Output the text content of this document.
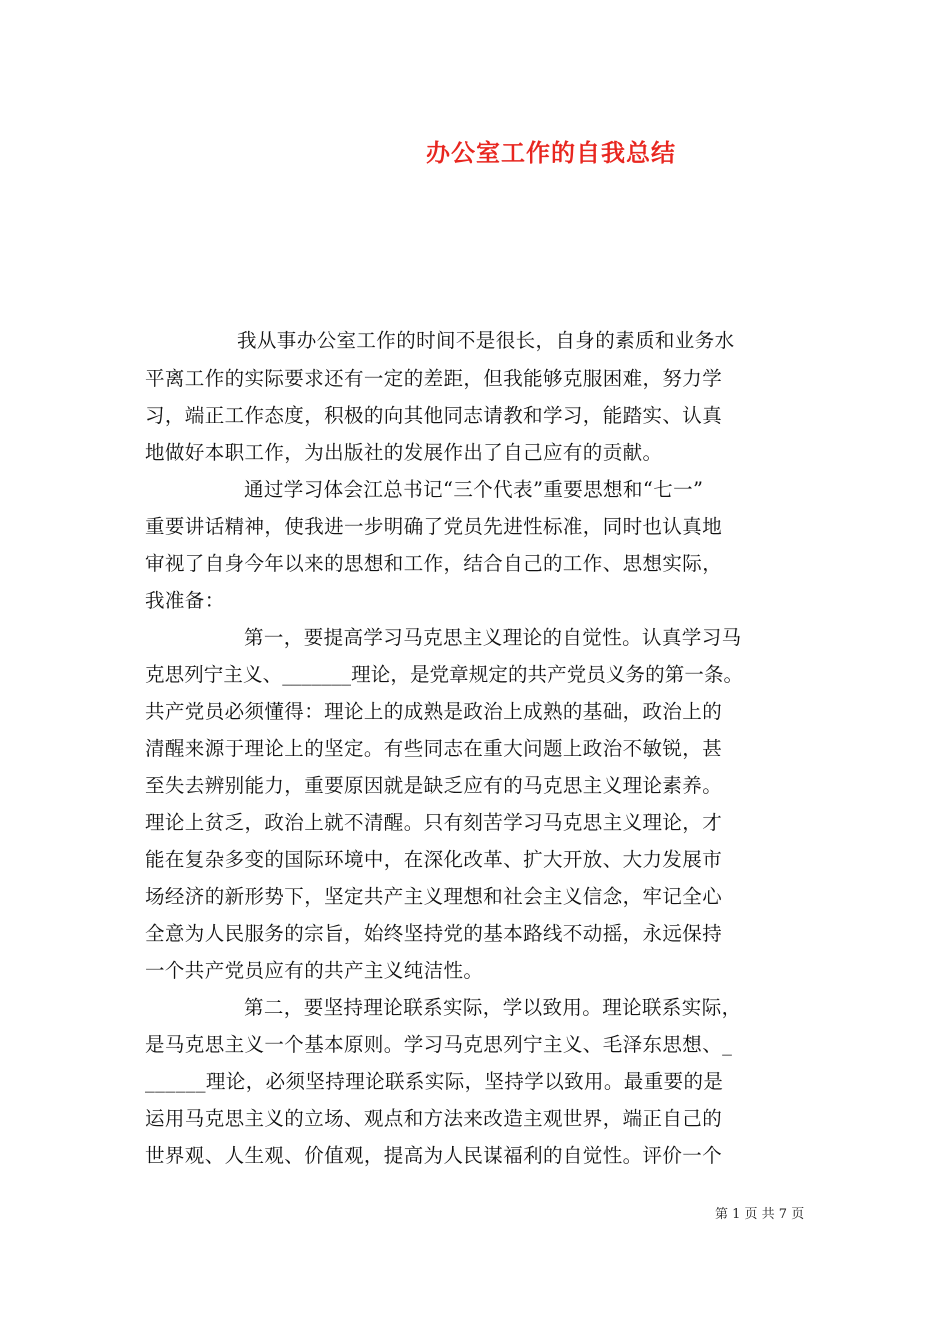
办公室工作的自我总结
我从事办公室工作的时间不是很长，自身的素质和业务水
平离工作的实际要求还有一定的差距，但我能够克服困难，努力学
习，端正工作态度，积极的向其他同志请教和学习，能踏实、认真
地做好本职工作，为出版社的发展作出了自己应有的贡献。
通过学习体会江总书记“三个代表”重要思想和“七一”
重要讲话精神，使我进一步明确了党员先进性标准，同时也认真地
审视了自身今年以来的思想和工作，结合自己的工作、思想实际，
我准备：
第一，要提高学习马克思主义理论的自觉性。认真学习马
克思列宁主义、_______理论，是党章规定的共产党员义务的第一条。
共产党员必须懂得：理论上的成熟是政治上成熟的基础，政治上的
清醒来源于理论上的坚定。有些同志在重大问题上政治不敏锐，甚
至失去辨别能力，重要原因就是缺乏应有的马克思主义理论素养。
理论上贫乏，政治上就不清醒。只有刻苦学习马克思主义理论，才
能在复杂多变的国际环境中，在深化改革、扩大开放、大力发展市
场经济的新形势下，坚定共产主义理想和社会主义信念，牢记全心
全意为人民服务的宗旨，始终坚持党的基本路线不动摇，永远保持
一个共产党员应有的共产主义纯洁性。
第二，要坚持理论联系实际，学以致用。理论联系实际，
是马克思主义一个基本原则。学习马克思列宁主义、毛泽东思想、_
______理论，必须坚持理论联系实际，坚持学以致用。最重要的是
运用马克思主义的立场、观点和方法来改造主观世界，端正自己的
世界观、人生观、价值观，提高为人民谋福利的自觉性。评价一个
第 1 页 共 7 页
